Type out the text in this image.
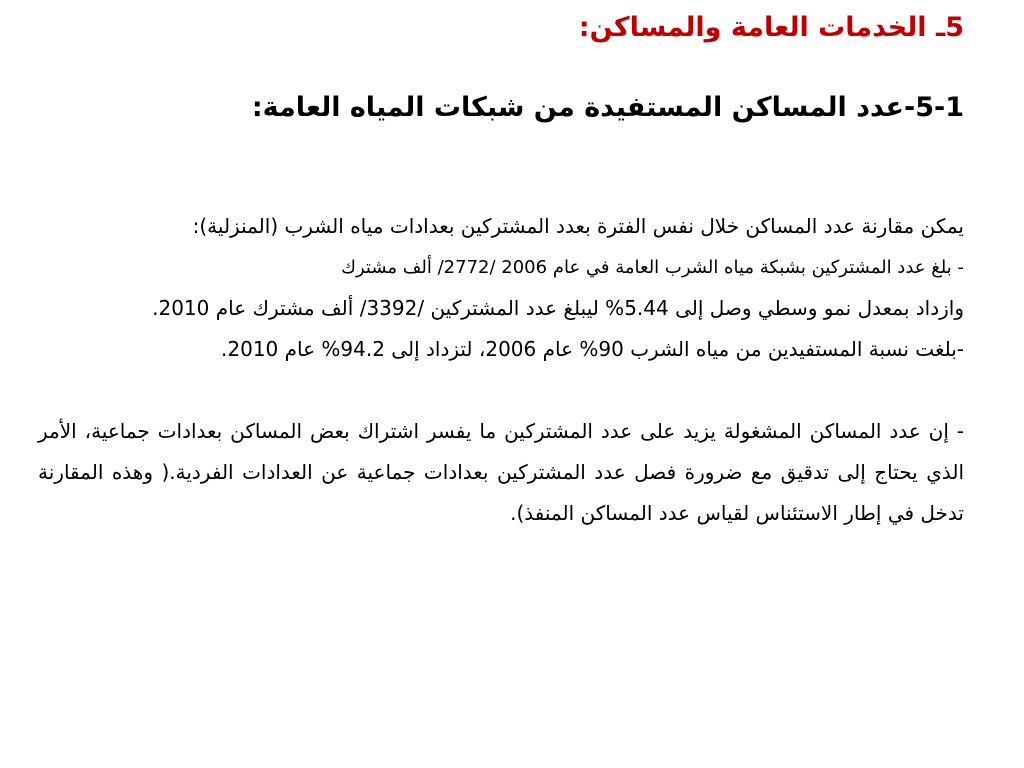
5ـ الخدمات العامة والمساكن:
5-1-عدد المساكن المستفيدة من شبكات المياه العامة:

يمكن مقارنة عدد المساكن خلال نفس الفترة بعدد المشتركين بعدادات مياه الشرب (المنزلية):

- بلغ عدد المشتركين بشبكة مياه الشرب العامة في عام 2006 /2772/ ألف مشترك

وازداد بمعدل نمو وسطي وصل إلى 5.44% ليبلغ عدد المشتركين /3392/ ألف مشترك عام 2010.

-بلغت نسبة المستفيدين من مياه الشرب 90% عام 2006، لتزداد إلى 94.2% عام 2010.

- إن عدد المساكن المشغولة يزيد على عدد المشتركين ما يفسر اشتراك بعض المساكن بعدادات جماعية، الأمر الذي يحتاج إلى تدقيق مع ضرورة فصل عدد المشتركين بعدادات جماعية عن العدادات الفردية.( وهذه المقارنة تدخل في إطار الاستئناس لقياس عدد المساكن المنفذ).
